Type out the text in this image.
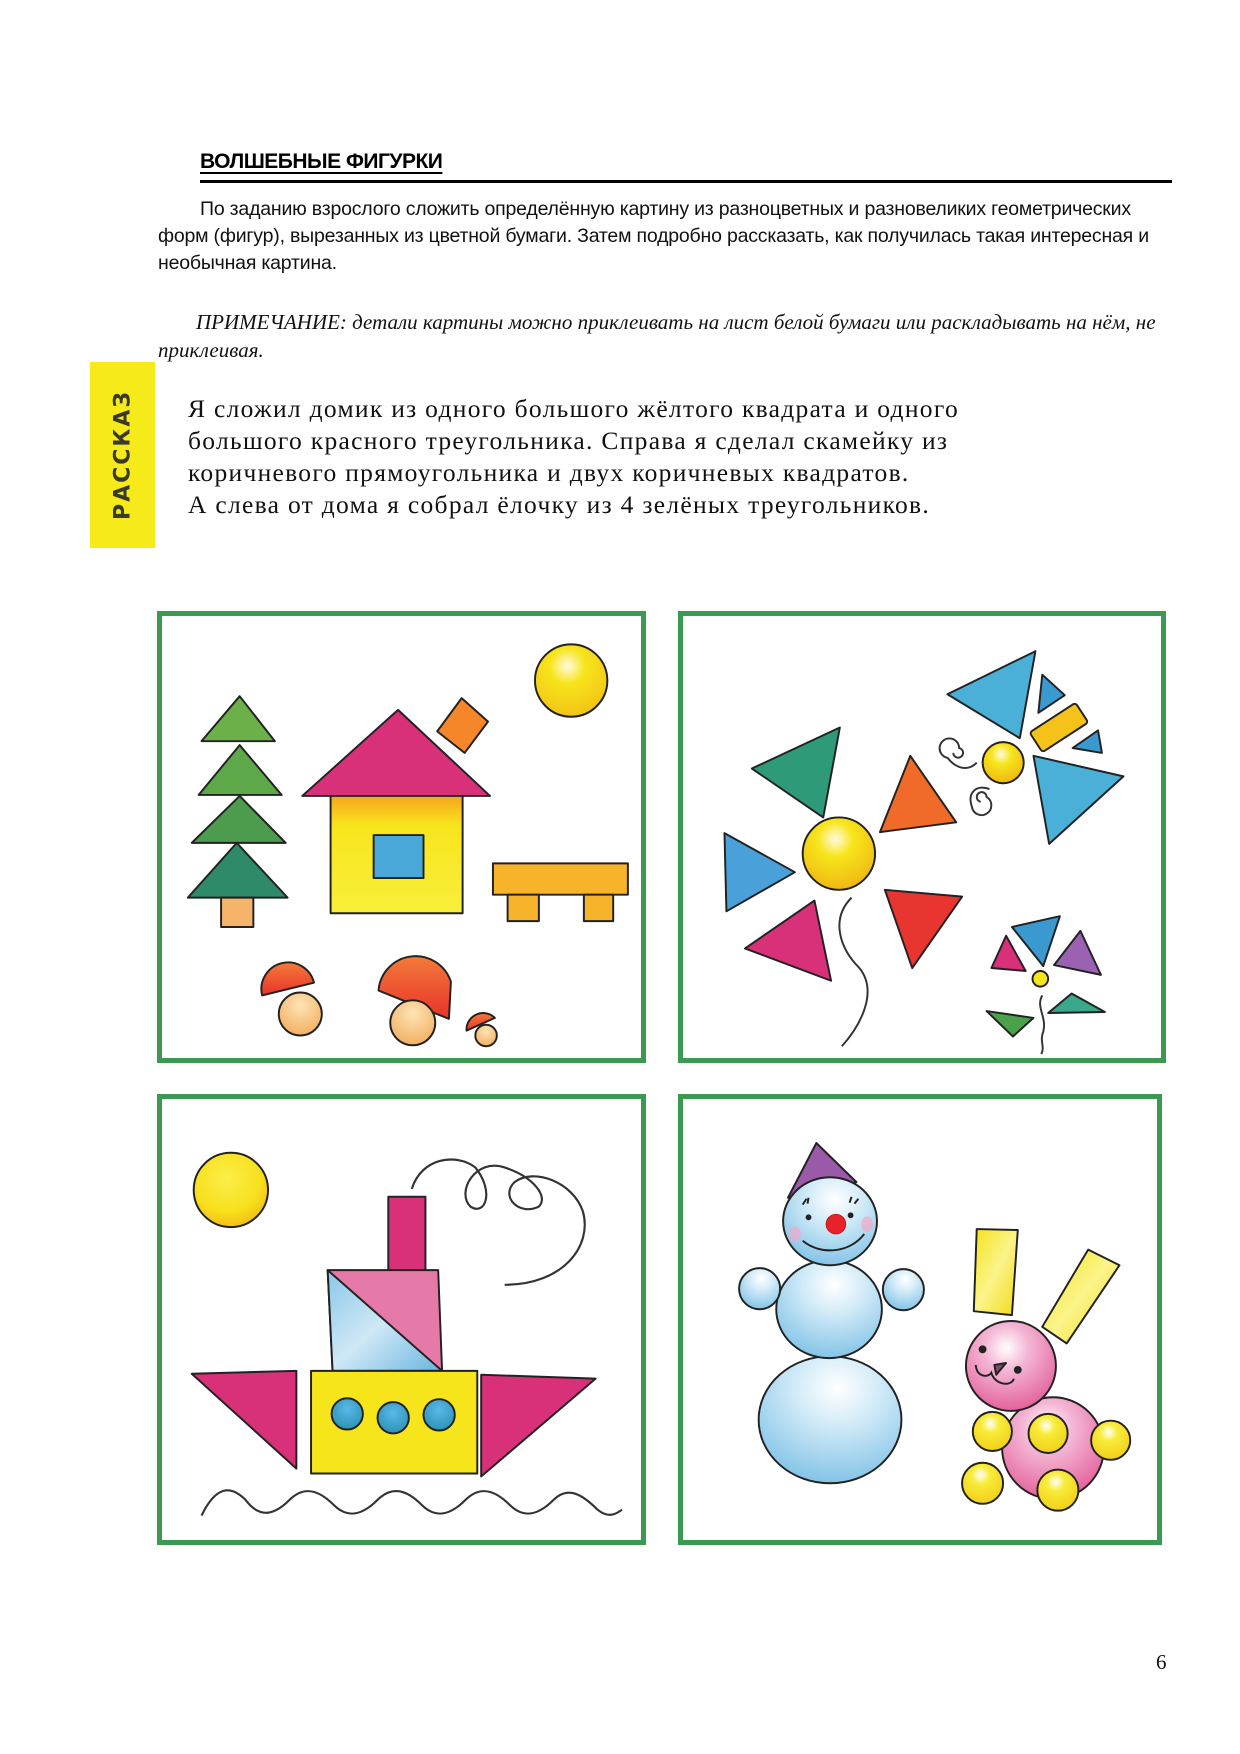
ВОЛШЕБНЫЕ ФИГУРКИ

По заданию взрослого сложить определённую картину из разноцветных и разновеликих геометрических форм (фигур), вырезанных из цветной бумаги. Затем подробно рассказать, как получилась такая интересная и необычная картина.

ПРИМЕЧАНИЕ: детали картины можно приклеивать на лист белой бумаги или раскладывать на нём, не приклеивая.

РАССКАЗ Я сложил домик из одного большого жёлтого квадрата и одного
большого красного треугольника. Справа я сделал скамейку из
коричневого прямоугольника и двух коричневых квадратов.
А слева от дома я собрал ёлочку из 4 зелёных треугольников.
6
